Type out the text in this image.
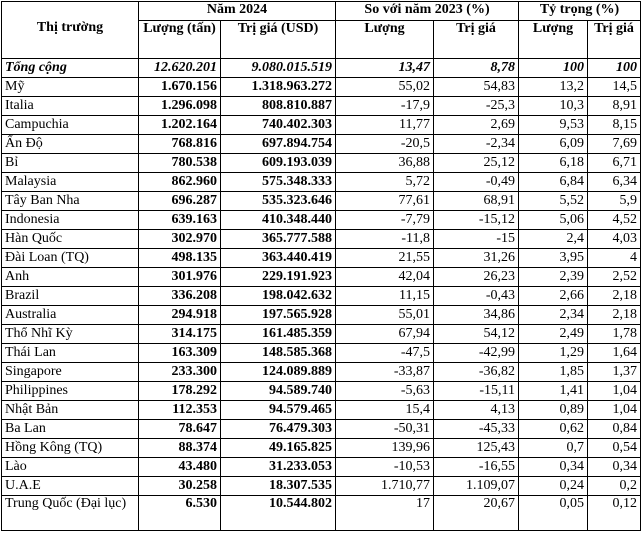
Thị trường	Năm 2024		So với năm 2023 (%)		Tỷ trọng (%)	
	Lượng (tấn)	Trị giá (USD)	Lượng	Trị giá	Lượng	Trị giá
Tổng cộng	12.620.201	9.080.015.519	13,47	8,78	100	100
Mỹ	1.670.156	1.318.963.272	55,02	54,83	13,2	14,5
Italia	1.296.098	808.810.887	-17,9	-25,3	10,3	8,91
Campuchia	1.202.164	740.402.303	11,77	2,69	9,53	8,15
Ấn Độ	768.816	697.894.754	-20,5	-2,34	6,09	7,69
Bỉ	780.538	609.193.039	36,88	25,12	6,18	6,71
Malaysia	862.960	575.348.333	5,72	-0,49	6,84	6,34
Tây Ban Nha	696.287	535.323.646	77,61	68,91	5,52	5,9
Indonesia	639.163	410.348.440	-7,79	-15,12	5,06	4,52
Hàn Quốc	302.970	365.777.588	-11,8	-15	2,4	4,03
Đài Loan (TQ)	498.135	363.440.419	21,55	31,26	3,95	4
Anh	301.976	229.191.923	42,04	26,23	2,39	2,52
Brazil	336.208	198.042.632	11,15	-0,43	2,66	2,18
Australia	294.918	197.565.928	55,01	34,86	2,34	2,18
Thổ Nhĩ Kỳ	314.175	161.485.359	67,94	54,12	2,49	1,78
Thái Lan	163.309	148.585.368	-47,5	-42,99	1,29	1,64
Singapore	233.300	124.089.889	-33,87	-36,82	1,85	1,37
Philippines	178.292	94.589.740	-5,63	-15,11	1,41	1,04
Nhật Bản	112.353	94.579.465	15,4	4,13	0,89	1,04
Ba Lan	78.647	76.479.303	-50,31	-45,33	0,62	0,84
Hồng Kông (TQ)	88.374	49.165.825	139,96	125,43	0,7	0,54
Lào	43.480	31.233.053	-10,53	-16,55	0,34	0,34
U.A.E	30.258	18.307.535	1.710,77	1.109,07	0,24	0,2
Trung Quốc (Đại lục)	6.530	10.544.802	17	20,67	0,05	0,12
